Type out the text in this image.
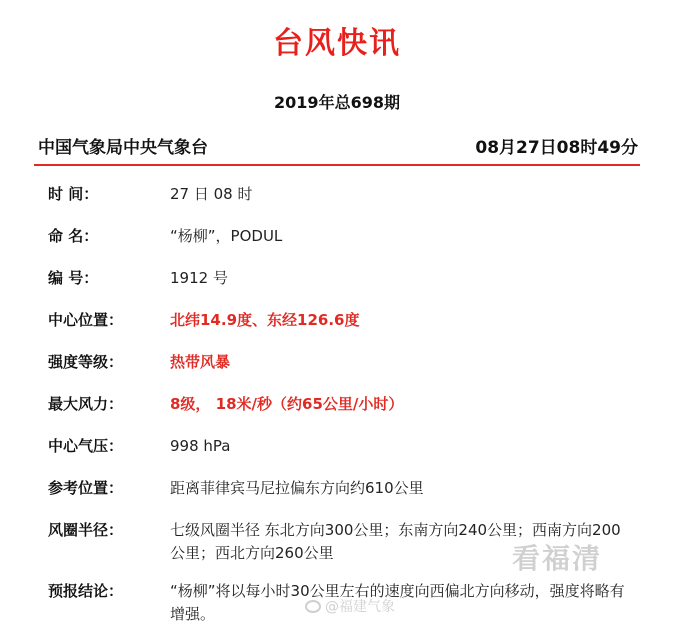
台风快讯
2019年总698期
中国气象局中央气象台	08月27日08时49分
时 间：	27 日 08 时
命 名：	“杨柳”，PODUL
编 号：	1912 号
中心位置：	北纬14.9度、东经126.6度
强度等级：	热带风暴
最大风力：	8级， 18米/秒（约65公里/小时）
中心气压：	998 hPa
参考位置：	距离菲律宾马尼拉偏东方向约610公里
风圈半径：	七级风圈半径 东北方向300公里；东南方向240公里；西南方向200公里；西北方向260公里
预报结论：	“杨柳”将以每小时30公里左右的速度向西偏北方向移动，强度将略有增强。
看福清
@福建气象
